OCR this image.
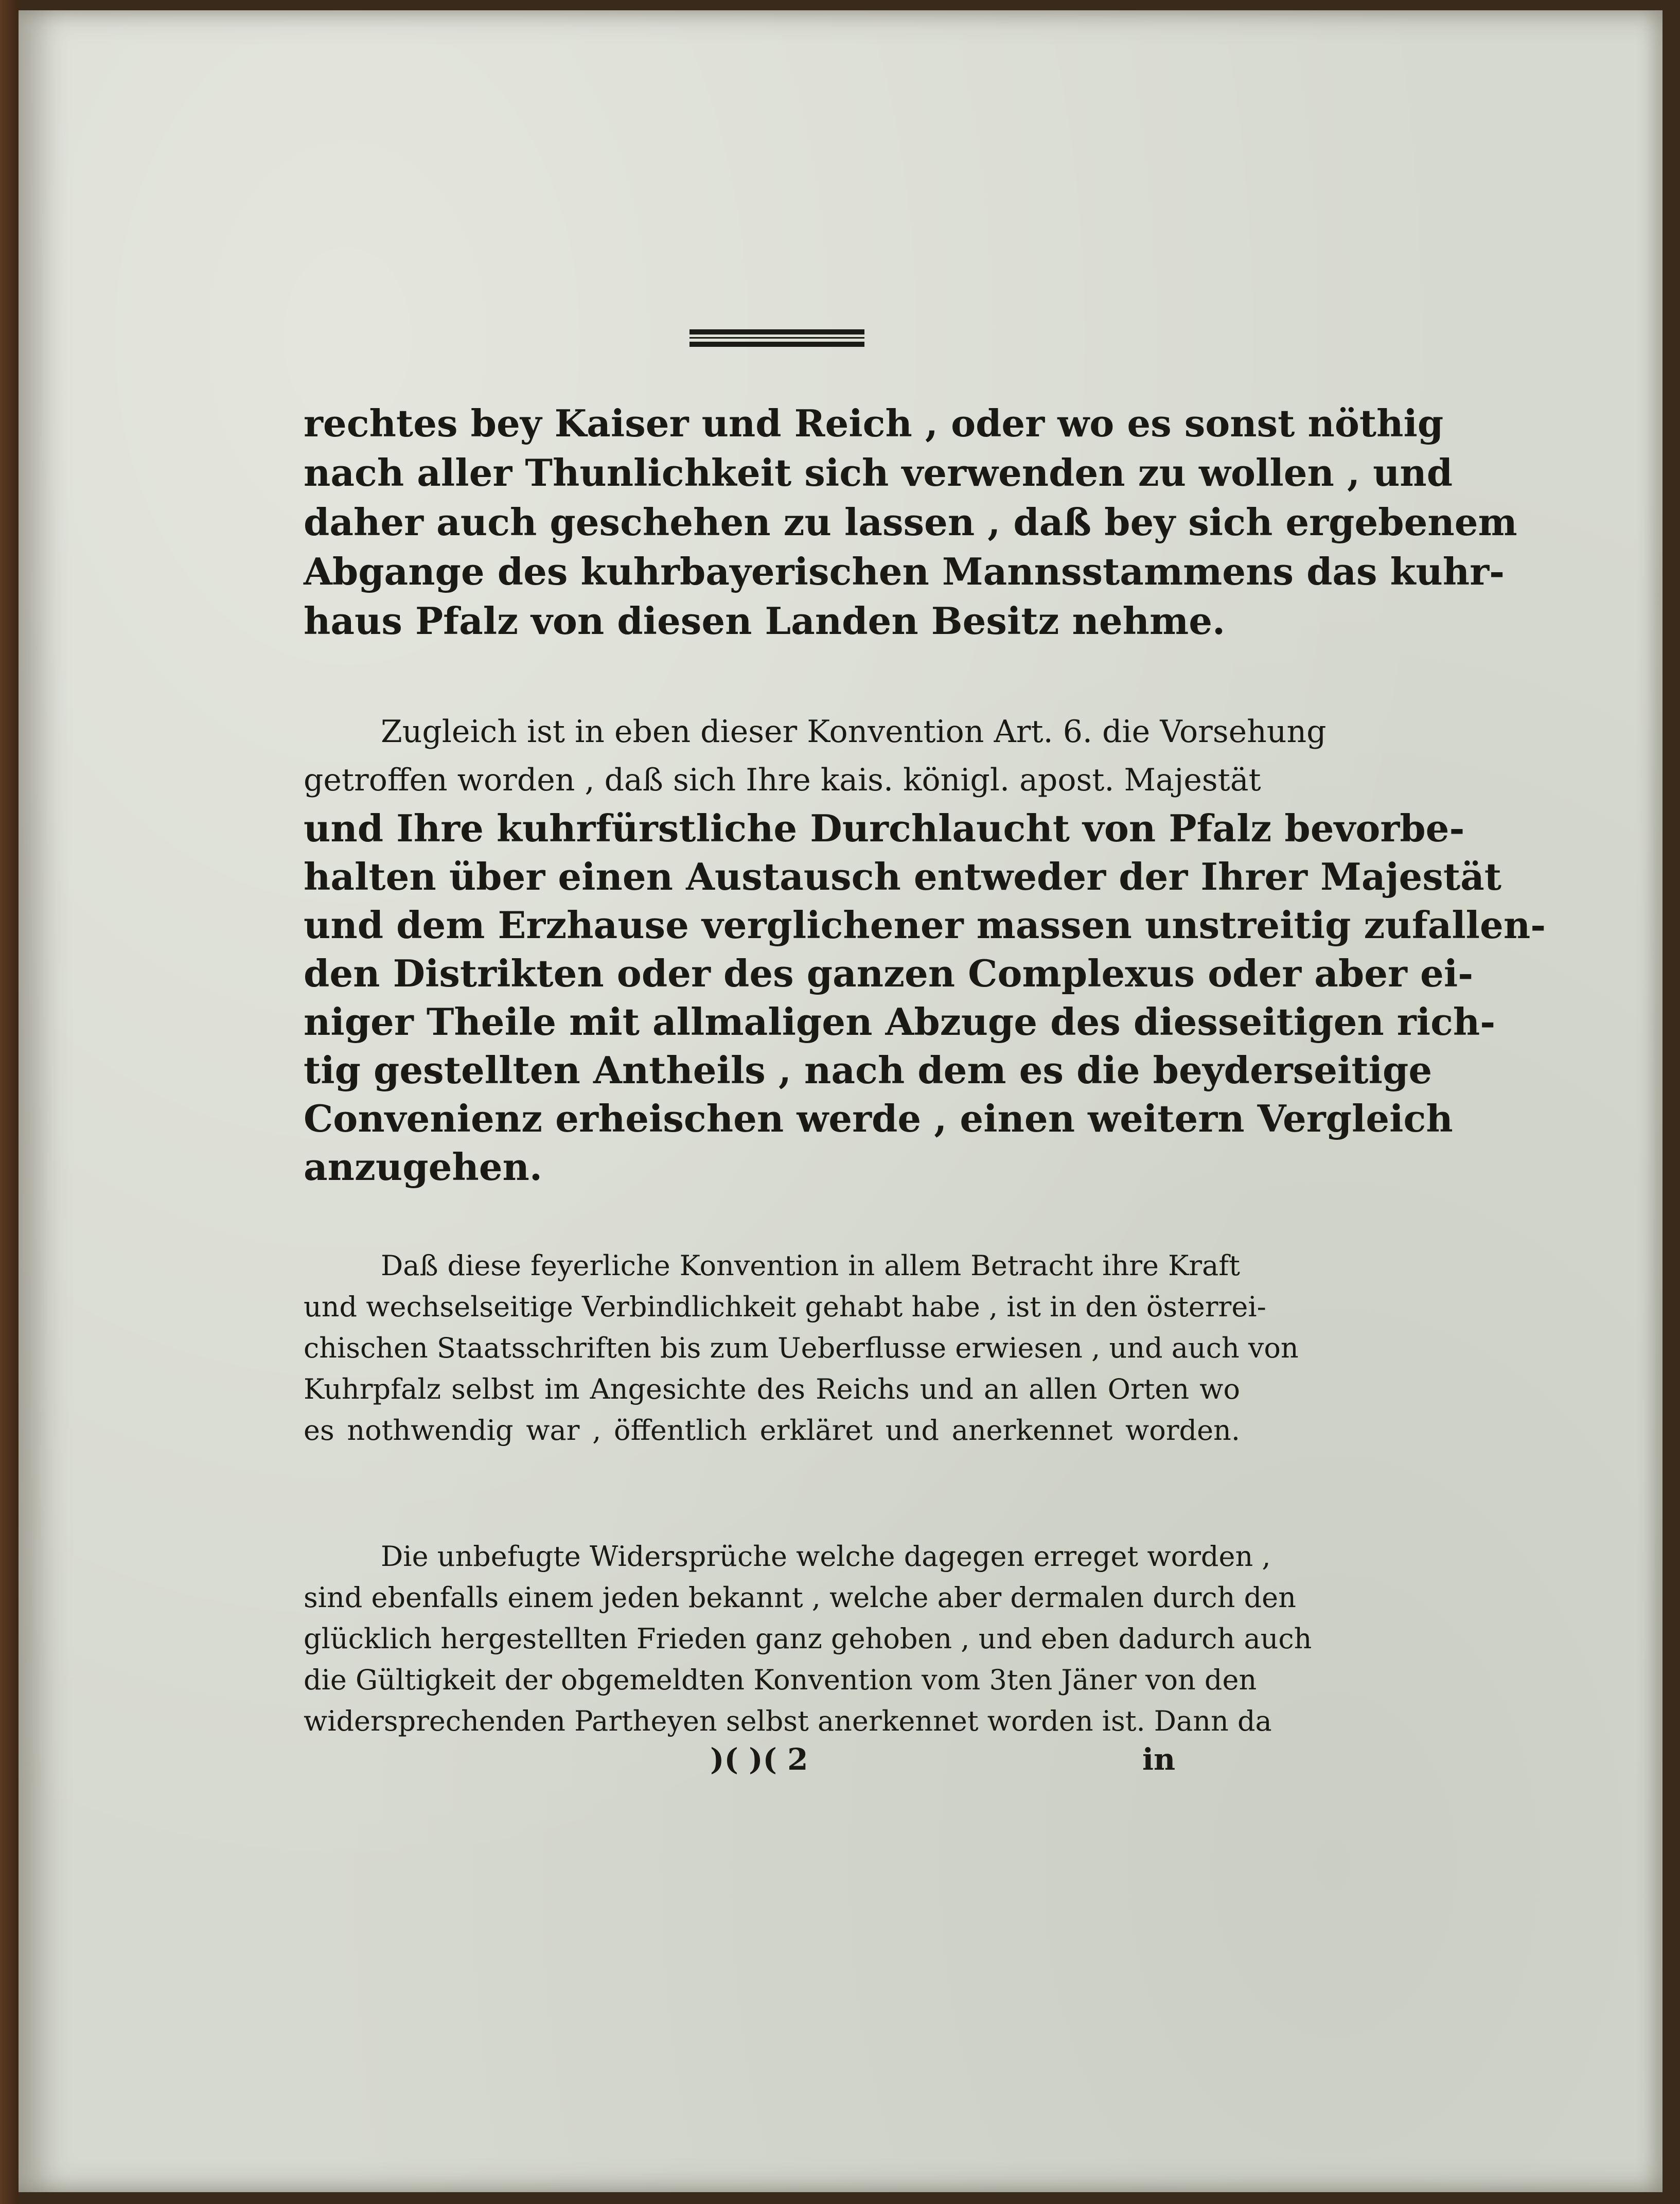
rechtes bey Kaiser und Reich , oder wo es sonst nöthig
nach aller Thunlichkeit sich verwenden zu wollen , und
daher auch geschehen zu lassen , daß bey sich ergebenem
Abgange des kuhrbayerischen Mannsstammens das kuhr-
haus Pfalz von diesen Landen Besitz nehme.
Zugleich ist in eben dieser Konvention Art. 6. die Vorsehung
getroffen worden , daß sich Ihre kais. königl. apost. Majestät
und Ihre kuhrfürstliche Durchlaucht von Pfalz bevorbe-
halten über einen Austausch entweder der Ihrer Majestät
und dem Erzhause verglichener massen unstreitig zufallen-
den Distrikten oder des ganzen Complexus oder aber ei-
niger Theile mit allmaligen Abzuge des diesseitigen rich-
tig gestellten Antheils , nach dem es die beyderseitige
Convenienz erheischen werde , einen weitern Vergleich
anzugehen.
Daß diese feyerliche Konvention in allem Betracht ihre Kraft
und wechselseitige Verbindlichkeit gehabt habe , ist in den österrei-
chischen Staatsschriften bis zum Ueberflusse erwiesen , und auch von
Kuhrpfalz selbst im Angesichte des Reichs und an allen Orten wo
es nothwendig war , öffentlich erkläret und anerkennet worden.
Die unbefugte Widersprüche welche dagegen erreget worden ,
sind ebenfalls einem jeden bekannt , welche aber dermalen durch den
glücklich hergestellten Frieden ganz gehoben , und eben dadurch auch
die Gültigkeit der obgemeldten Konvention vom 3ten Jäner von den
widersprechenden Partheyen selbst anerkennet worden ist. Dann da
)( )( 2	in
